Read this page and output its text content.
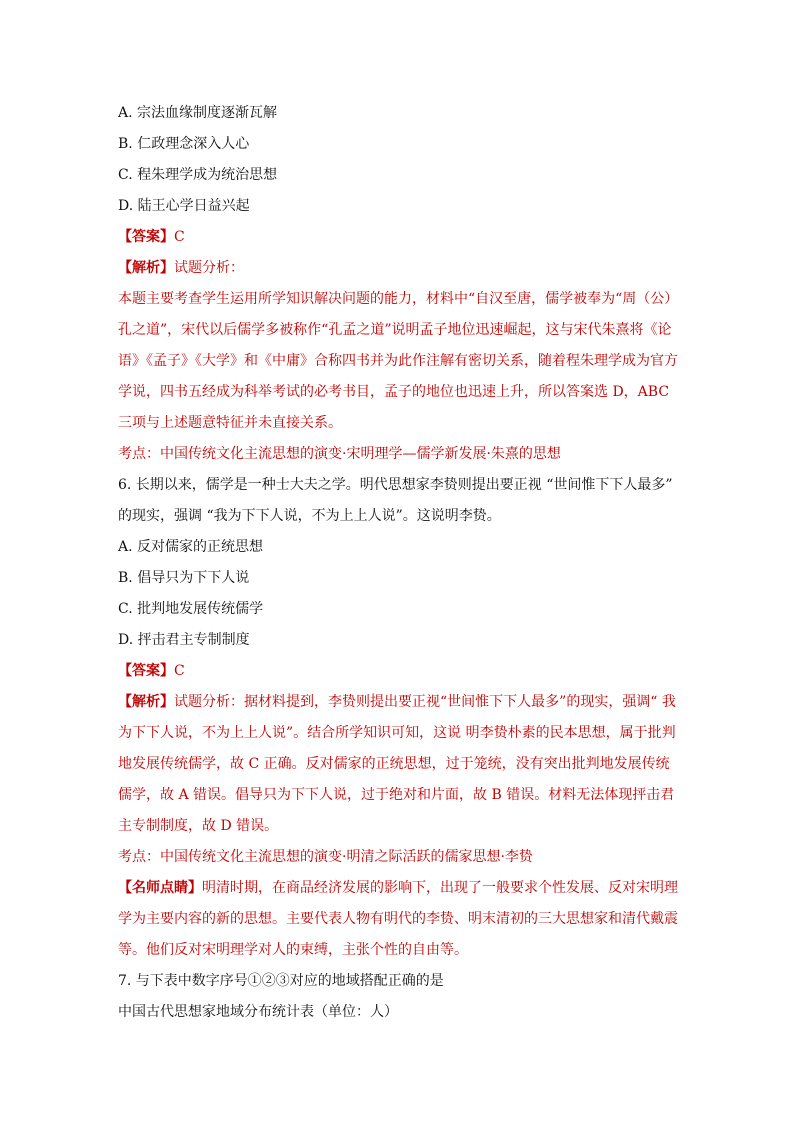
A. 宗法血缘制度逐渐瓦解
B. 仁政理念深入人心
C. 程朱理学成为统治思想
D. 陆王心学日益兴起
【答案】C
【解析】试题分析：
本题主要考查学生运用所学知识解决问题的能力，材料中“自汉至唐，儒学被奉为“周（公）
孔之道”，宋代以后儒学多被称作“孔孟之道”说明孟子地位迅速崛起，这与宋代朱熹将《论
语》《孟子》《大学》和《中庸》合称四书并为此作注解有密切关系，随着程朱理学成为官方
学说，四书五经成为科举考试的必考书目，孟子的地位也迅速上升，所以答案选 D，ABC
三项与上述题意特征并未直接关系。
考点：中国传统文化主流思想的演变·宋明理学—儒学新发展·朱熹的思想
6. 长期以来，儒学是一种士大夫之学。明代思想家李贽则提出要正视 “世间惟下下人最多”
的现实，强调 “我为下下人说，不为上上人说”。这说明李贽。
A. 反对儒家的正统思想
B. 倡导只为下下人说
C. 批判地发展传统儒学
D. 抨击君主专制制度
【答案】C
【解析】试题分析：据材料提到，李贽则提出要正视“世间惟下下人最多”的现实，强调“ 我
为下下人说，不为上上人说”。结合所学知识可知，这说 明李贽朴素的民本思想，属于批判
地发展传统儒学，故 C 正确。反对儒家的正统思想，过于笼统，没有突出批判地发展传统
儒学，故 A 错误。倡导只为下下人说，过于绝对和片面，故 B 错误。材料无法体现抨击君
主专制制度，故 D 错误。
考点：中国传统文化主流思想的演变·明清之际活跃的儒家思想·李贽
【名师点睛】明清时期，在商品经济发展的影响下，出现了一般要求个性发展、反对宋明理
学为主要内容的新的思想。主要代表人物有明代的李贽、明末清初的三大思想家和清代戴震
等。他们反对宋明理学对人的束缚，主张个性的自由等。
7. 与下表中数字序号①②③对应的地域搭配正确的是
中国古代思想家地域分布统计表（单位：人）
